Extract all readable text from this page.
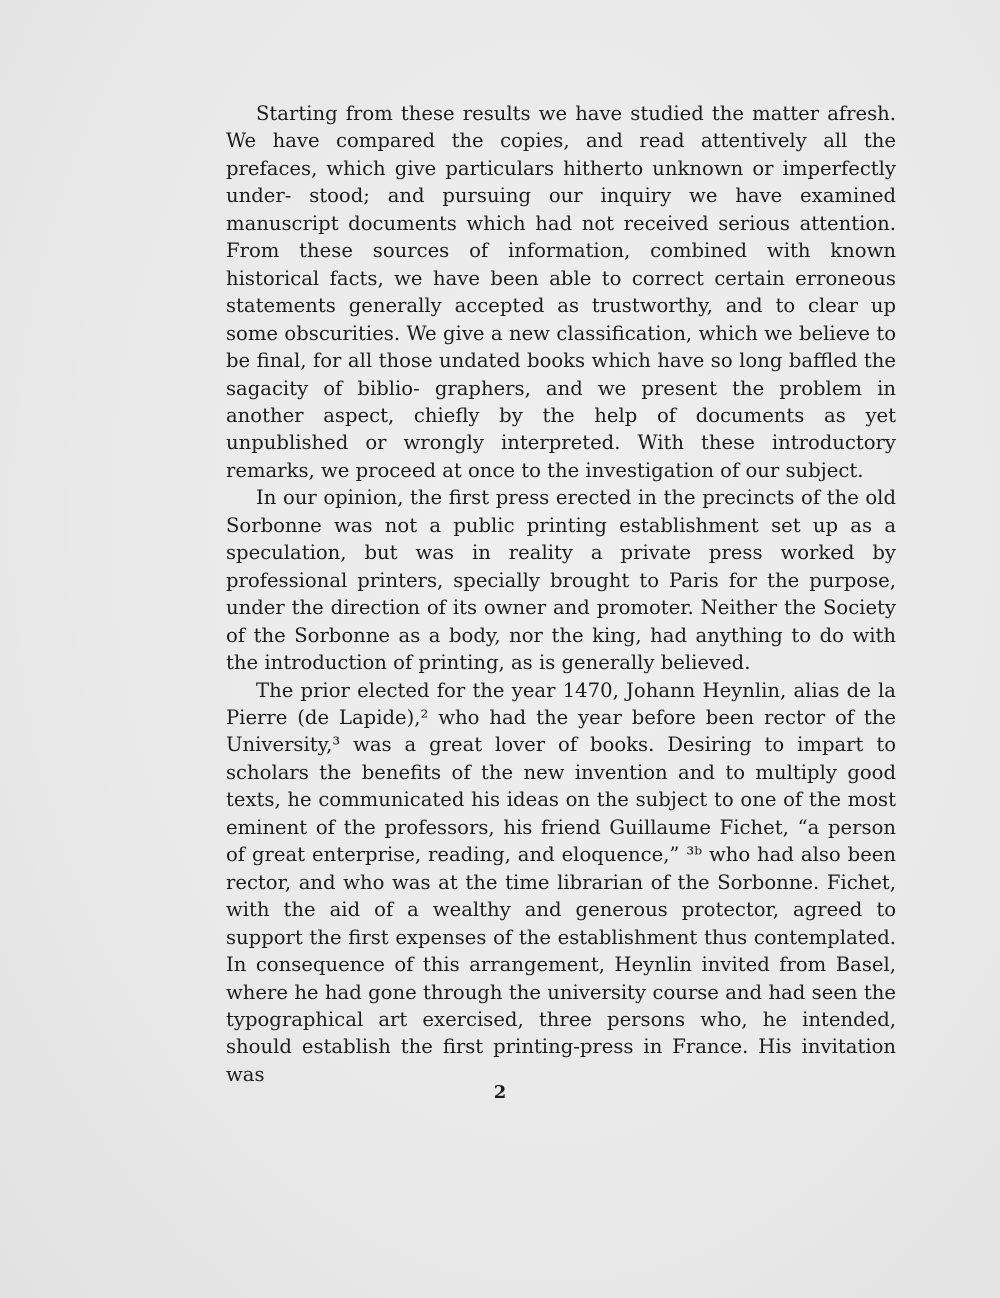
Starting from these results we have studied the matter afresh. We have compared the copies, and read attentively all the prefaces, which give particulars hitherto unknown or imperfectly under- stood; and pursuing our inquiry we have examined manuscript documents which had not received serious attention. From these sources of information, combined with known historical facts, we have been able to correct certain erroneous statements generally accepted as trustworthy, and to clear up some obscurities. We give a new classification, which we believe to be final, for all those undated books which have so long baffled the sagacity of biblio- graphers, and we present the problem in another aspect, chiefly by the help of documents as yet unpublished or wrongly interpreted. With these introductory remarks, we proceed at once to the investigation of our subject.

In our opinion, the first press erected in the precincts of the old Sorbonne was not a public printing establishment set up as a speculation, but was in reality a private press worked by professional printers, specially brought to Paris for the purpose, under the direction of its owner and promoter. Neither the Society of the Sorbonne as a body, nor the king, had anything to do with the introduction of printing, as is generally believed.

The prior elected for the year 1470, Johann Heynlin, alias de la Pierre (de Lapide),² who had the year before been rector of the University,³ was a great lover of books. Desiring to impart to scholars the benefits of the new invention and to multiply good texts, he communicated his ideas on the subject to one of the most eminent of the professors, his friend Guillaume Fichet, “a person of great enterprise, reading, and eloquence,” ³ᵇ who had also been rector, and who was at the time librarian of the Sorbonne. Fichet, with the aid of a wealthy and generous protector, agreed to support the first expenses of the establishment thus contemplated. In consequence of this arrangement, Heynlin invited from Basel, where he had gone through the university course and had seen the typographical art exercised, three persons who, he intended, should establish the first printing-press in France. His invitation was

2
